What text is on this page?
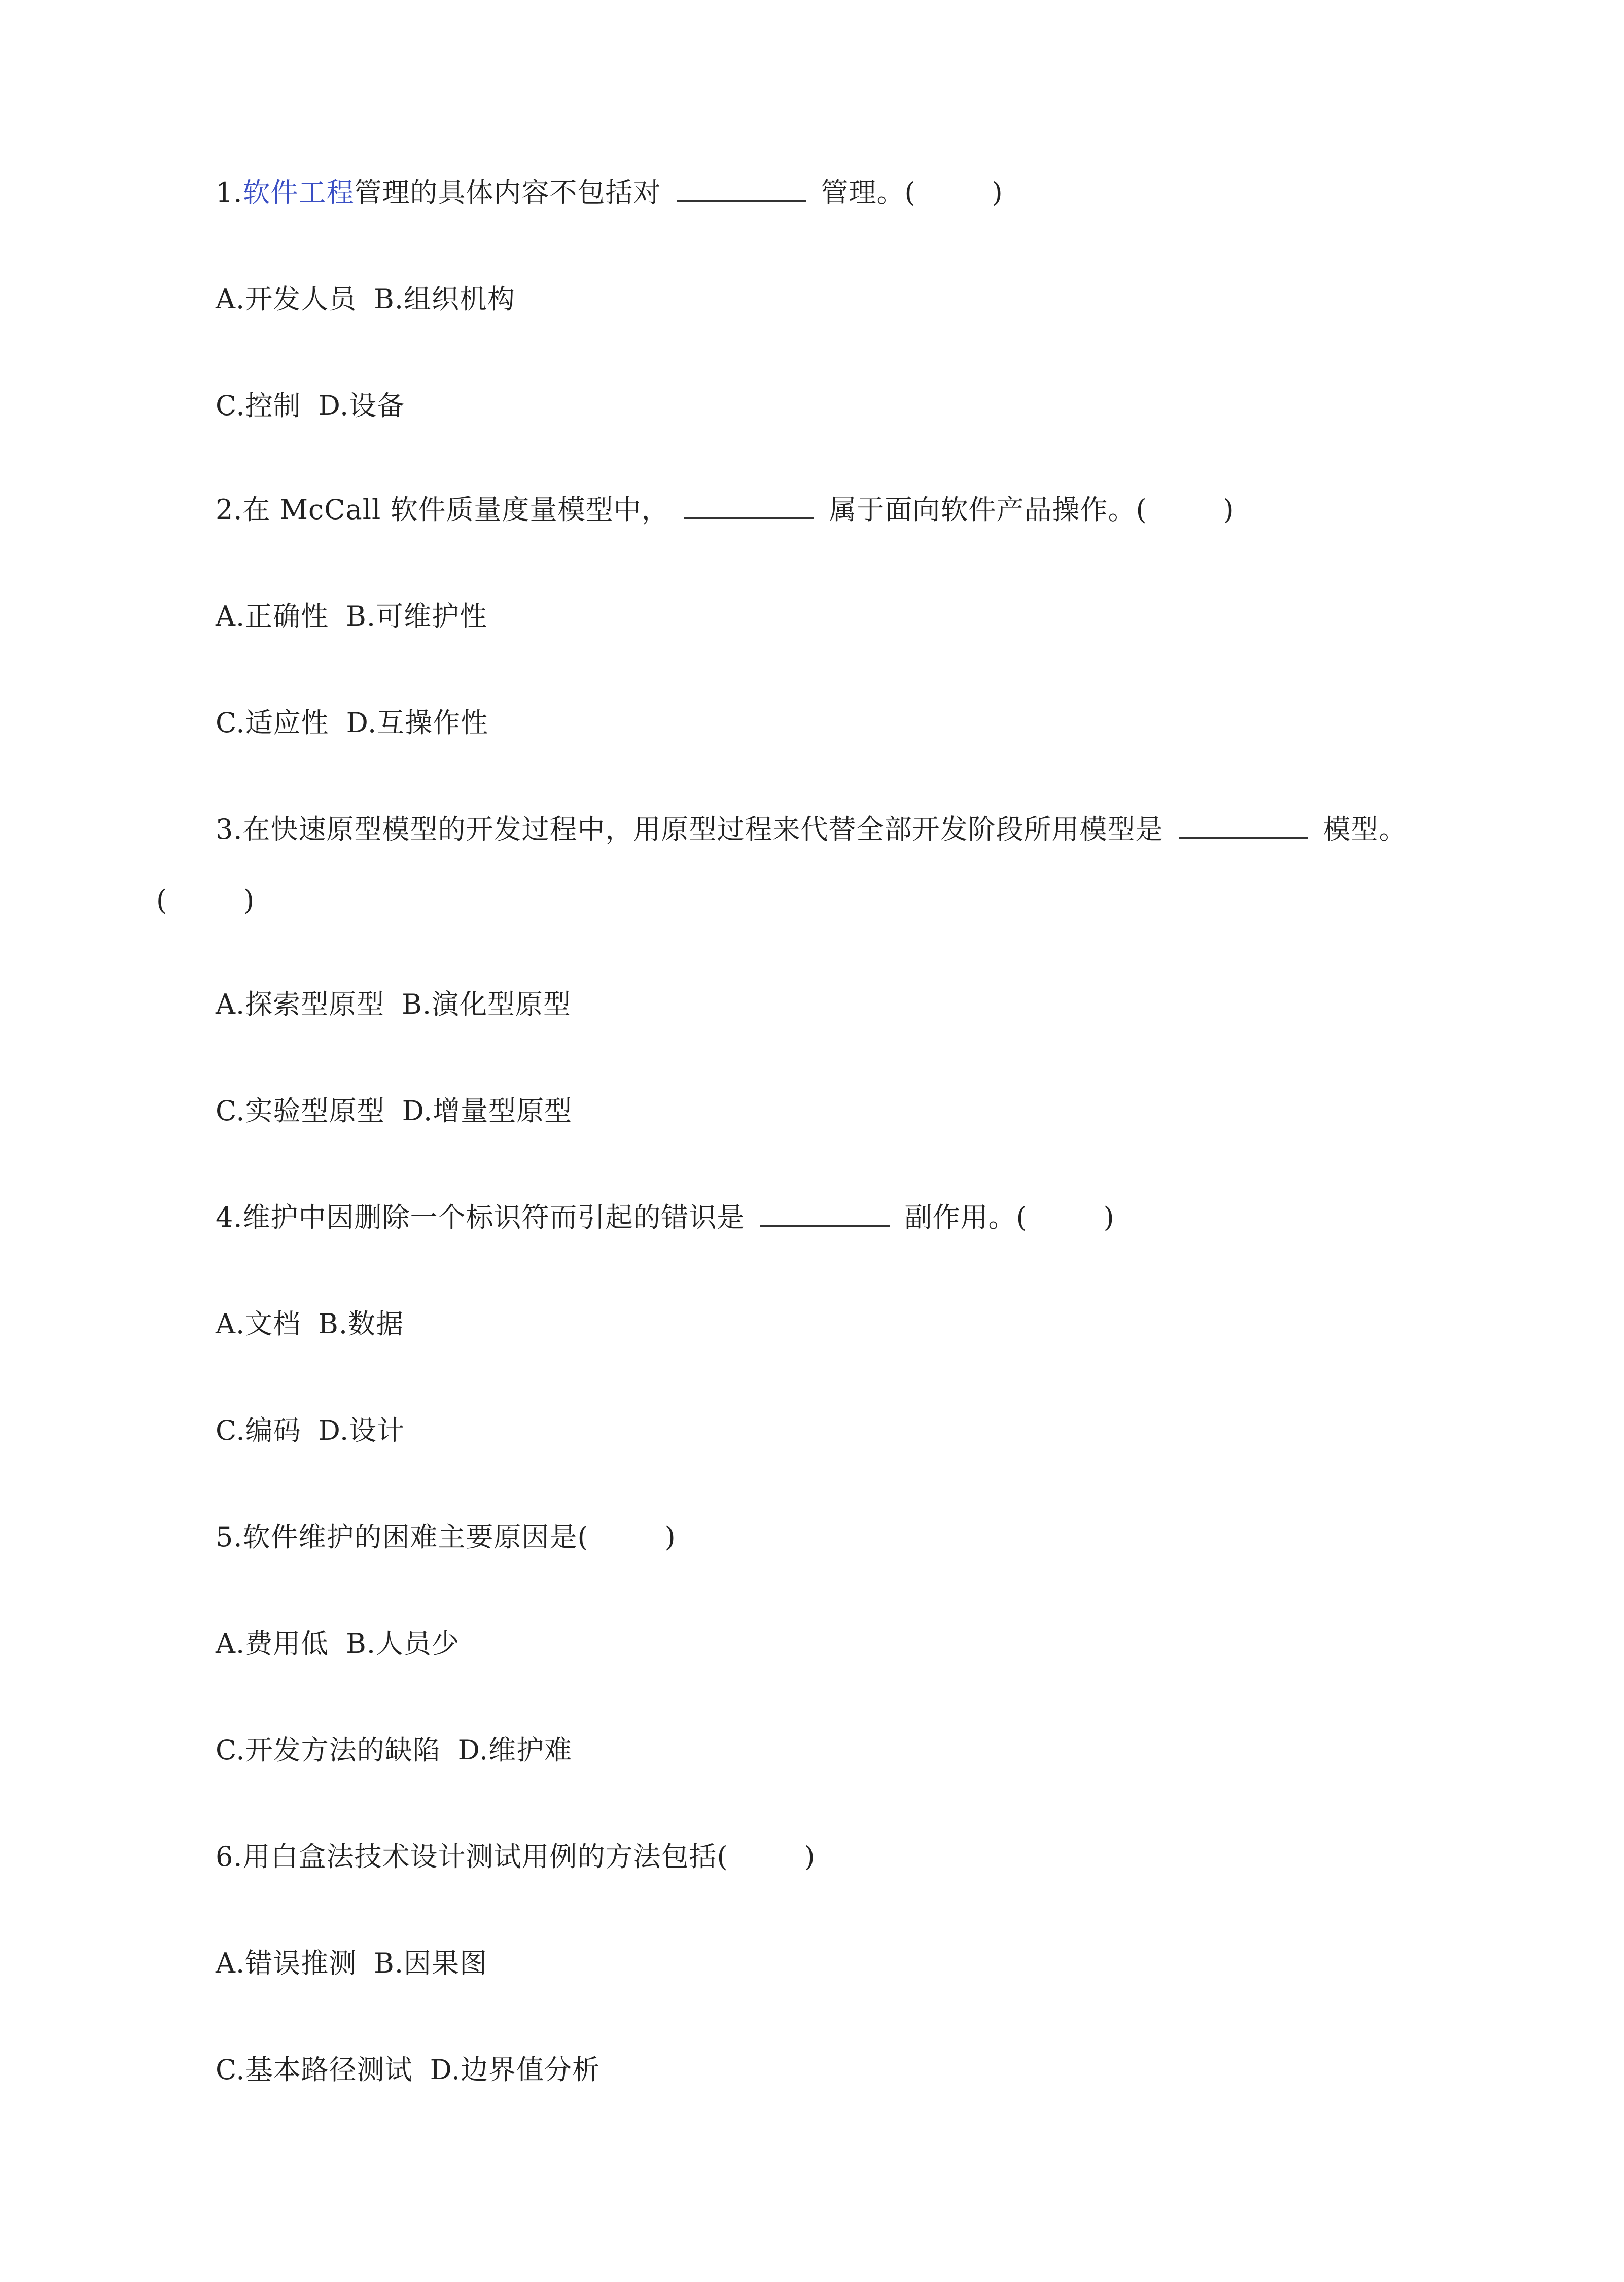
1.软件工程管理的具体内容不包括对	管理。(	)
A.开发人员 B.组织机构
C.控制 D.设备
2.在 McCall 软件质量度量模型中，	属于面向软件产品操作。(	)
A.正确性 B.可维护性
C.适应性 D.互操作性
3.在快速原型模型的开发过程中，用原型过程来代替全部开发阶段所用模型是	模型。
(	)
A.探索型原型 B.演化型原型
C.实验型原型 D.增量型原型
4.维护中因删除一个标识符而引起的错识是	副作用。(	)
A.文档 B.数据
C.编码 D.设计
5.软件维护的困难主要原因是(	)
A.费用低 B.人员少
C.开发方法的缺陷 D.维护难
6.用白盒法技术设计测试用例的方法包括(	)
A.错误推测 B.因果图
C.基本路径测试 D.边界值分析
